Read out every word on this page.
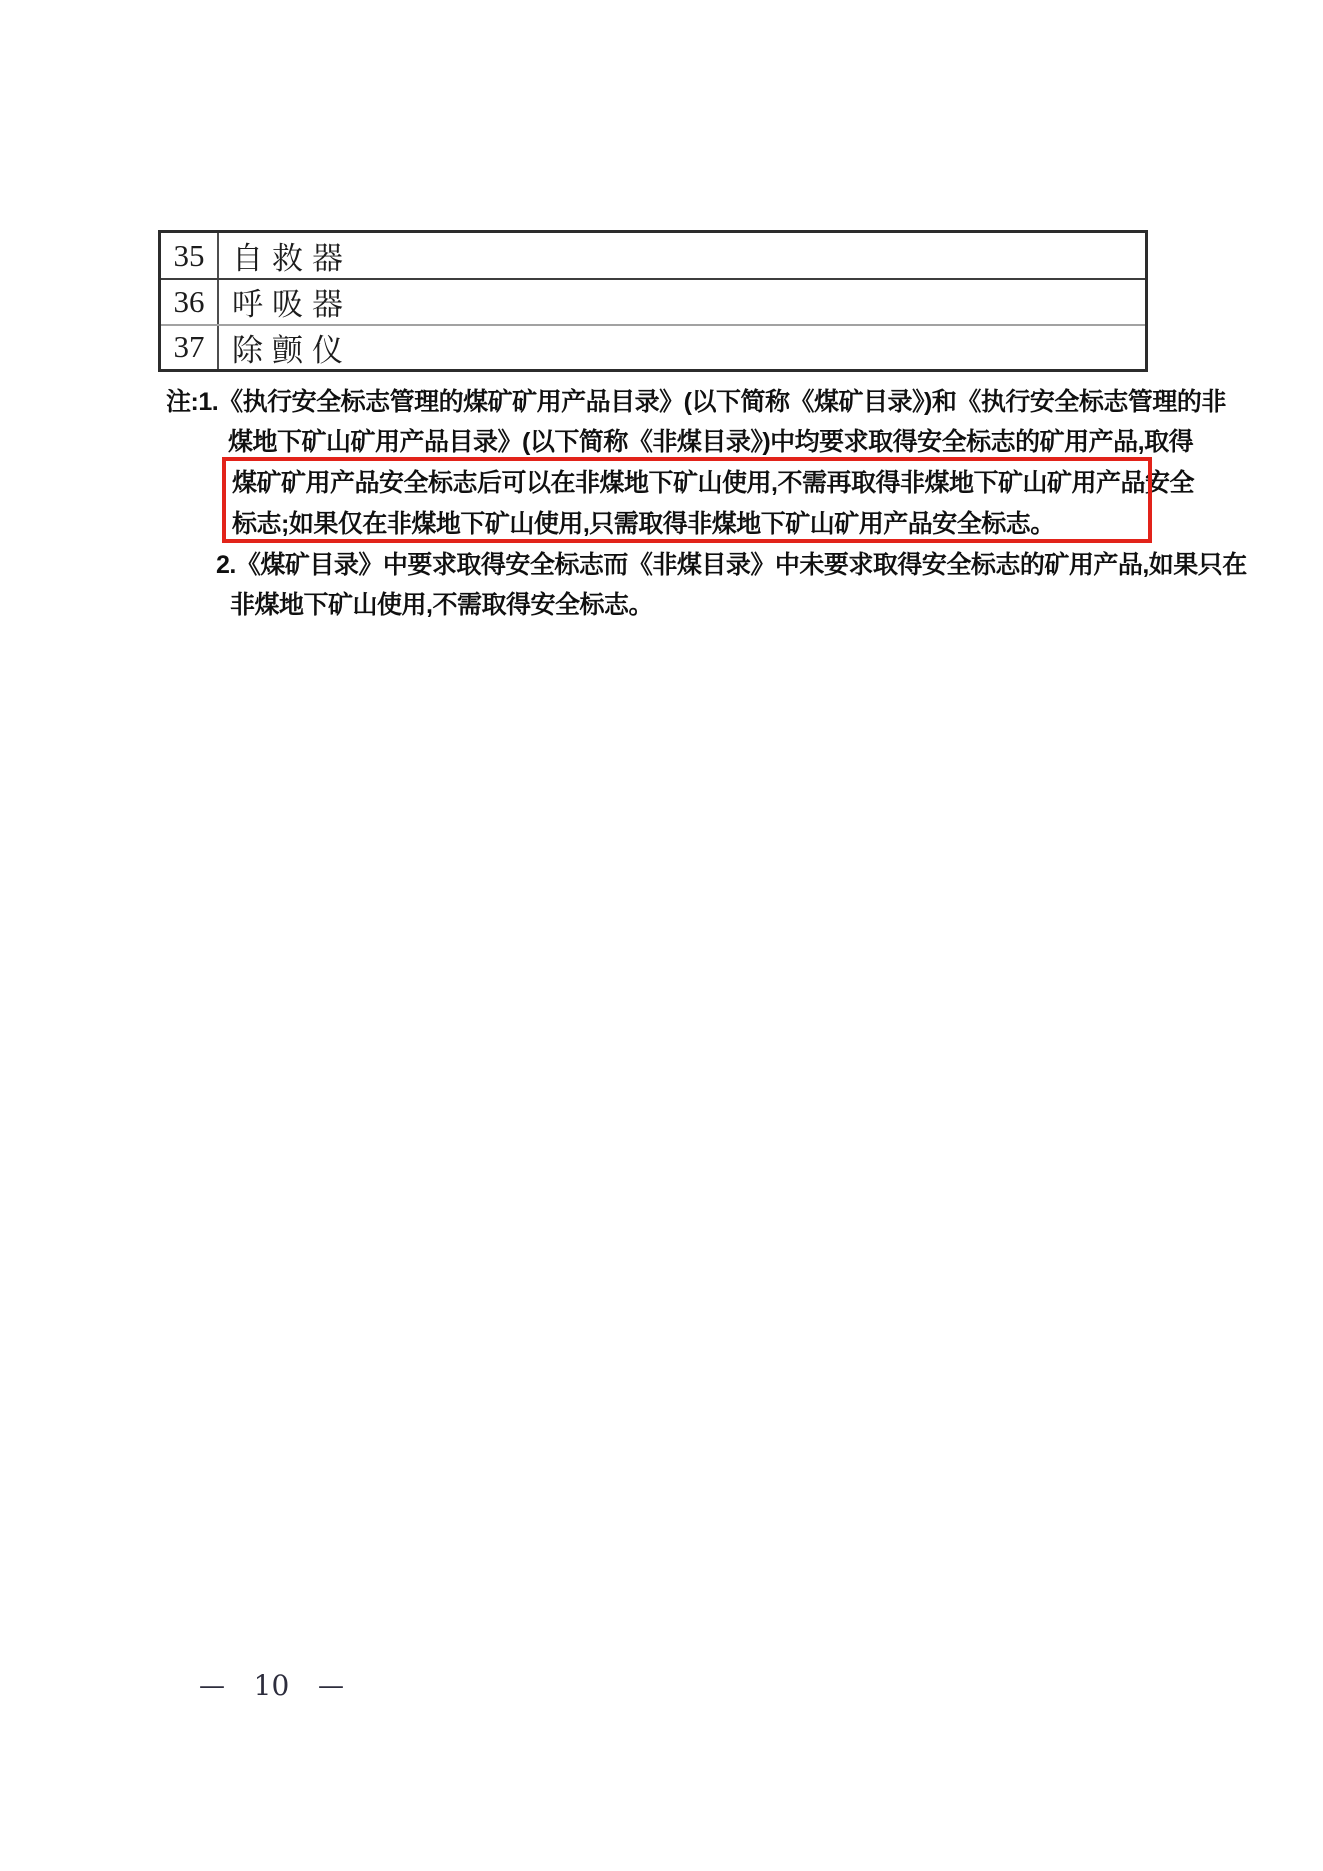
35 自救器
36 呼吸器
37 除颤仪
注:1.《执行安全标志管理的煤矿矿用产品目录》(以下简称《煤矿目录》)和《执行安全标志管理的非
煤地下矿山矿用产品目录》(以下简称《非煤目录》)中均要求取得安全标志的矿用产品,取得
煤矿矿用产品安全标志后可以在非煤地下矿山使用,不需再取得非煤地下矿山矿用产品安全
标志;如果仅在非煤地下矿山使用,只需取得非煤地下矿山矿用产品安全标志。
2.《煤矿目录》中要求取得安全标志而《非煤目录》中未要求取得安全标志的矿用产品,如果只在
非煤地下矿山使用,不需取得安全标志。
— 10 —
